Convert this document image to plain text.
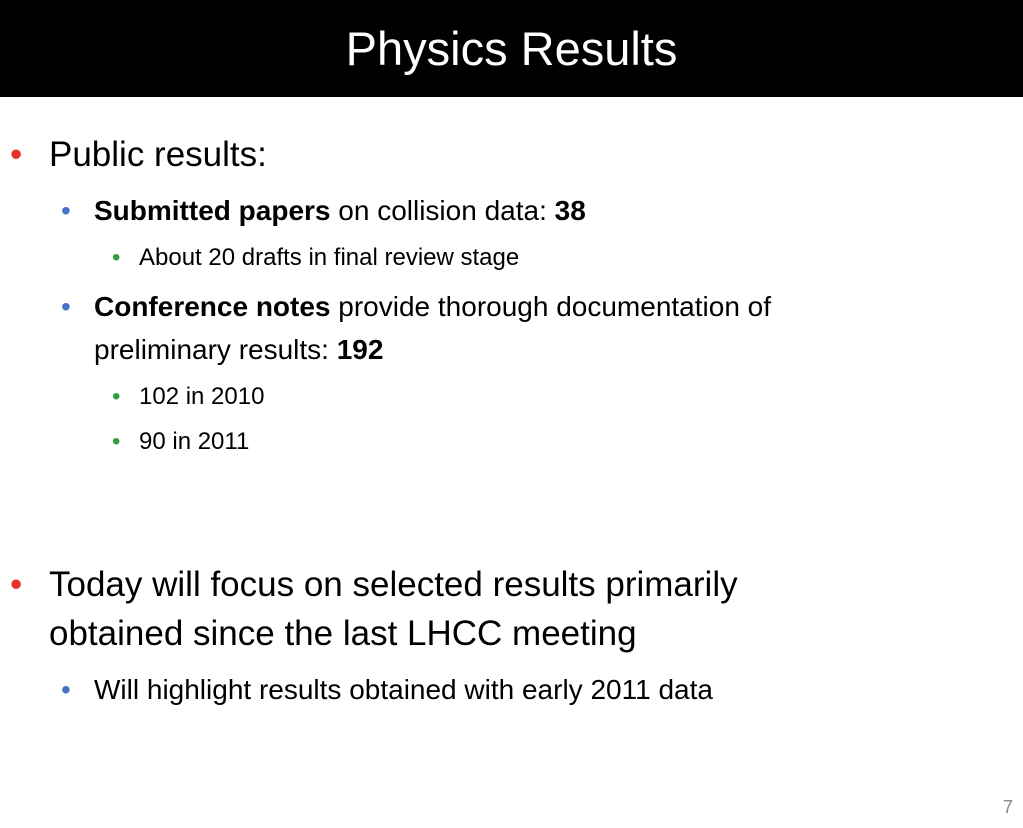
Physics Results
• Public results:
• Submitted papers on collision data: 38
• About 20 drafts in final review stage
• Conference notes provide thorough documentation of
preliminary results: 192
• 102 in 2010
• 90 in 2011
• Today will focus on selected results primarily
obtained since the last LHCC meeting
• Will highlight results obtained with early 2011 data
7
